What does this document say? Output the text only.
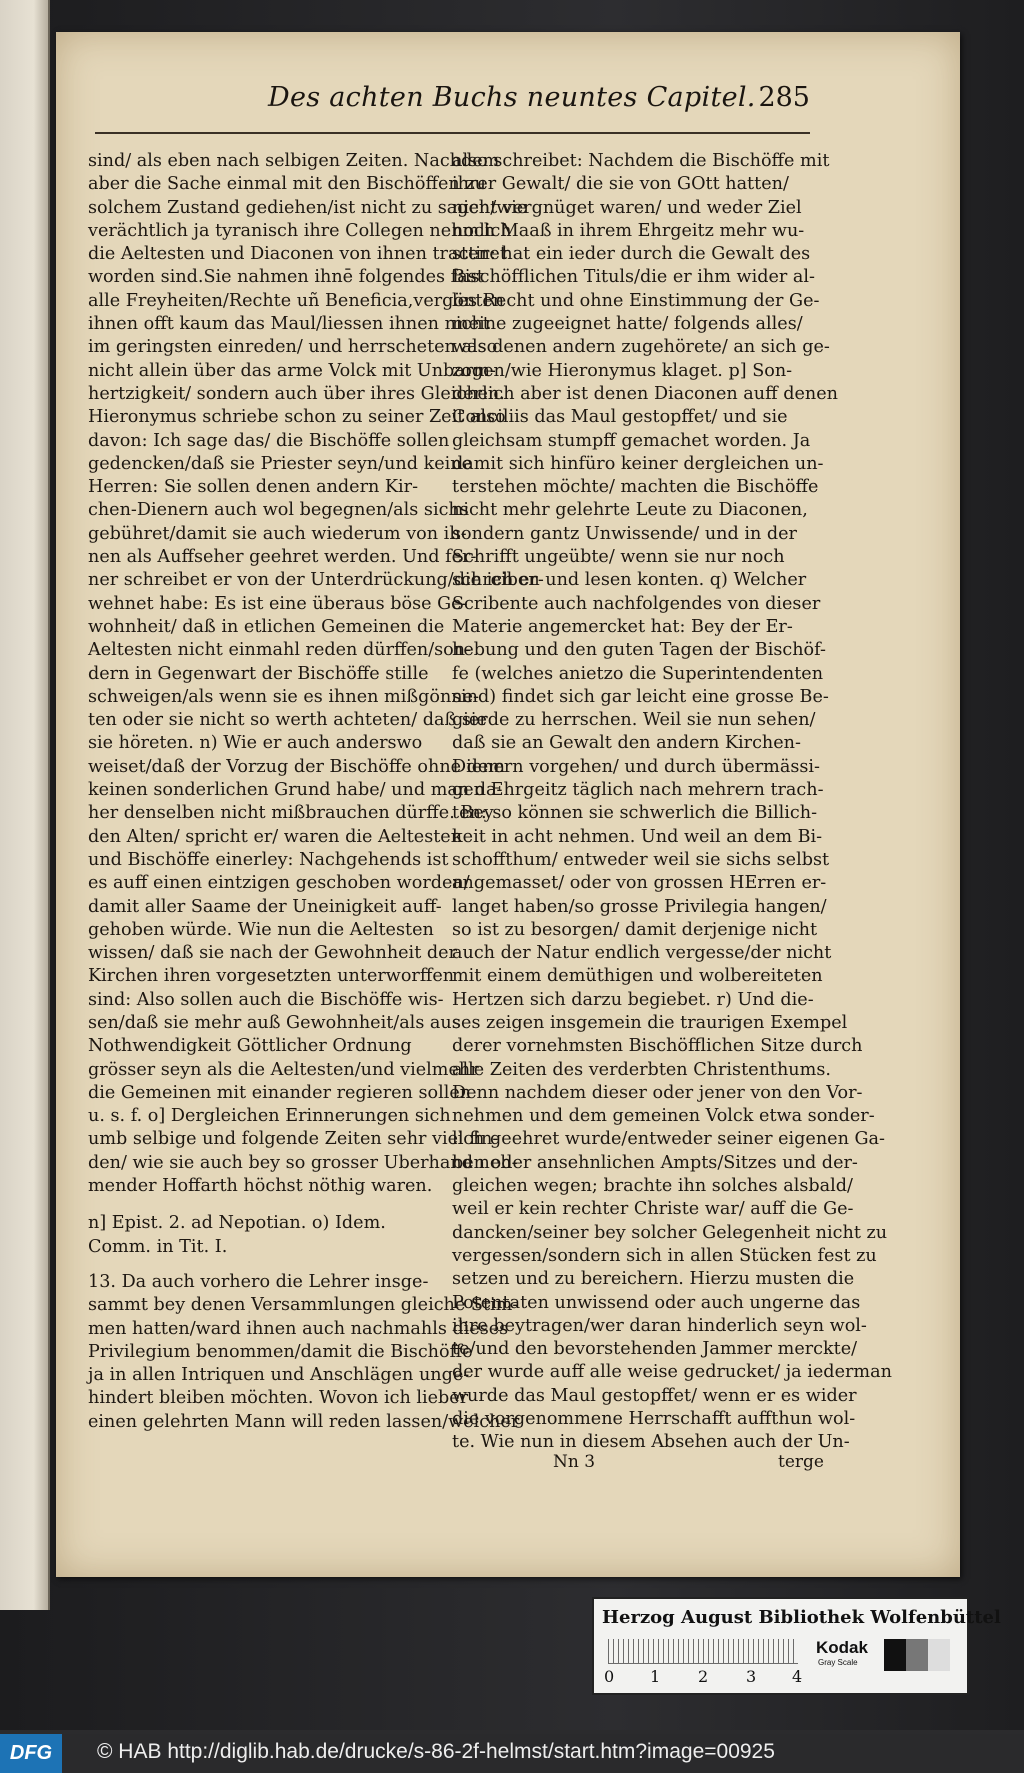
Des achten Buchs neuntes Capitel. 285

sind/ als eben nach selbigen Zeiten. Nachdem
aber die Sache einmal mit den Bischöffen zu
solchem Zustand gediehen/ist nicht zu sagen/wie
verächtlich ja tyranisch ihre Collegen nehmlich
die Aeltesten und Diaconen von ihnen tractiret
worden sind.Sie nahmen ihnē folgendes fast
alle Freyheiten/Rechte uñ Beneficia,vergönten
ihnen offt kaum das Maul/liessen ihnen nicht
im geringsten einreden/ und herrscheten also
nicht allein über das arme Volck mit Unbarm-
hertzigkeit/ sondern auch über ihres Gleichen.
Hieronymus schriebe schon zu seiner Zeit also
davon: Ich sage das/ die Bischöffe sollen
gedencken/daß sie Priester seyn/und keine
Herren: Sie sollen denen andern Kir-
chen-Dienern auch wol begegnen/als sichs
gebühret/damit sie auch wiederum von ih-
nen als Auffseher geehret werden. Und fer-
ner schreibet er von der Unterdrückung/die ich er-
wehnet habe: Es ist eine überaus böse Ge-
wohnheit/ daß in etlichen Gemeinen die
Aeltesten nicht einmahl reden dürffen/son-
dern in Gegenwart der Bischöffe stille
schweigen/als wenn sie es ihnen mißgönne-
ten oder sie nicht so werth achteten/ daß sie
sie höreten. n) Wie er auch anderswo
weiset/daß der Vorzug der Bischöffe ohne dem
keinen sonderlichen Grund habe/ und man da-
her denselben nicht mißbrauchen dürffe. Bey
den Alten/ spricht er/ waren die Aeltesten
und Bischöffe einerley: Nachgehends ist
es auff einen eintzigen geschoben worden/
damit aller Saame der Uneinigkeit auff-
gehoben würde. Wie nun die Aeltesten
wissen/ daß sie nach der Gewohnheit der
Kirchen ihren vorgesetzten unterworffen
sind: Also sollen auch die Bischöffe wis-
sen/daß sie mehr auß Gewohnheit/als aus
Nothwendigkeit Göttlicher Ordnung
grösser seyn als die Aeltesten/und vielmehr
die Gemeinen mit einander regieren sollen
u. s. f. o] Dergleichen Erinnerungen sich
umb selbige und folgende Zeiten sehr viel fin-
den/ wie sie auch bey so grosser Uberhand neh-
mender Hoffarth höchst nöthig waren.

n] Epist. 2. ad Nepotian. o) Idem.
Comm. in Tit. I.

13. Da auch vorhero die Lehrer insge-
sammt bey denen Versammlungen gleiche Stim-
men hatten/ward ihnen auch nachmahls dieses
Privilegium benommen/damit die Bischöffe
ja in allen Intriquen und Anschlägen unge-
hindert bleiben möchten. Wovon ich lieber
einen gelehrten Mann will reden lassen/welcher

also schreibet: Nachdem die Bischöffe mit
ihrer Gewalt/ die sie von GOtt hatten/
nicht vergnüget waren/ und weder Ziel
noch Maaß in ihrem Ehrgeitz mehr wu-
sten: hat ein ieder durch die Gewalt des
Bischöfflichen Tituls/die er ihm wider al-
les Recht und ohne Einstimmung der Ge-
meine zugeeignet hatte/ folgends alles/
was denen andern zugehörete/ an sich ge-
zogen/wie Hieronymus klaget. p] Son-
derlich aber ist denen Diaconen auff denen
Conciliis das Maul gestopffet/ und sie
gleichsam stumpff gemachet worden. Ja
damit sich hinfüro keiner dergleichen un-
terstehen möchte/ machten die Bischöffe
nicht mehr gelehrte Leute zu Diaconen,
sondern gantz Unwissende/ und in der
Schrifft ungeübte/ wenn sie nur noch
schreiben und lesen konten. q) Welcher
Scribente auch nachfolgendes von dieser
Materie angemercket hat: Bey der Er-
hebung und den guten Tagen der Bischöf-
fe (welches anietzo die Superintendenten
sind) findet sich gar leicht eine grosse Be-
gierde zu herrschen. Weil sie nun sehen/
daß sie an Gewalt den andern Kirchen-
Dienern vorgehen/ und durch übermässi-
gen Ehrgeitz täglich nach mehrern trach-
ten: so können sie schwerlich die Billich-
keit in acht nehmen. Und weil an dem Bi-
schoffthum/ entweder weil sie sichs selbst
angemasset/ oder von grossen HErren er-
langet haben/so grosse Privilegia hangen/
so ist zu besorgen/ damit derjenige nicht
auch der Natur endlich vergesse/der nicht
mit einem demüthigen und wolbereiteten
Hertzen sich darzu begiebet. r) Und die-
ses zeigen insgemein die traurigen Exempel
derer vornehmsten Bischöfflichen Sitze durch
alle Zeiten des verderbten Christenthums.
Denn nachdem dieser oder jener von den Vor-
nehmen und dem gemeinen Volck etwa sonder-
lich geehret wurde/entweder seiner eigenen Ga-
ben oder ansehnlichen Ampts/Sitzes und der-
gleichen wegen; brachte ihn solches alsbald/
weil er kein rechter Christe war/ auff die Ge-
dancken/seiner bey solcher Gelegenheit nicht zu
vergessen/sondern sich in allen Stücken fest zu
setzen und zu bereichern. Hierzu musten die
Potentaten unwissend oder auch ungerne das
ihre beytragen/wer daran hinderlich seyn wol-
te/und den bevorstehenden Jammer merckte/
der wurde auff alle weise gedrucket/ ja iederman
wurde das Maul gestopffet/ wenn er es wider
die vorgenommene Herrschafft auffthun wol-
te. Wie nun in diesem Absehen auch der Un-

Nn 3	terge
Herzog August Bibliothek Wolfenbüttel
0 1 2 3 4
Kodak
Gray Scale
DFG	© HAB http://diglib.hab.de/drucke/s-86-2f-helmst/start.htm?image=00925
